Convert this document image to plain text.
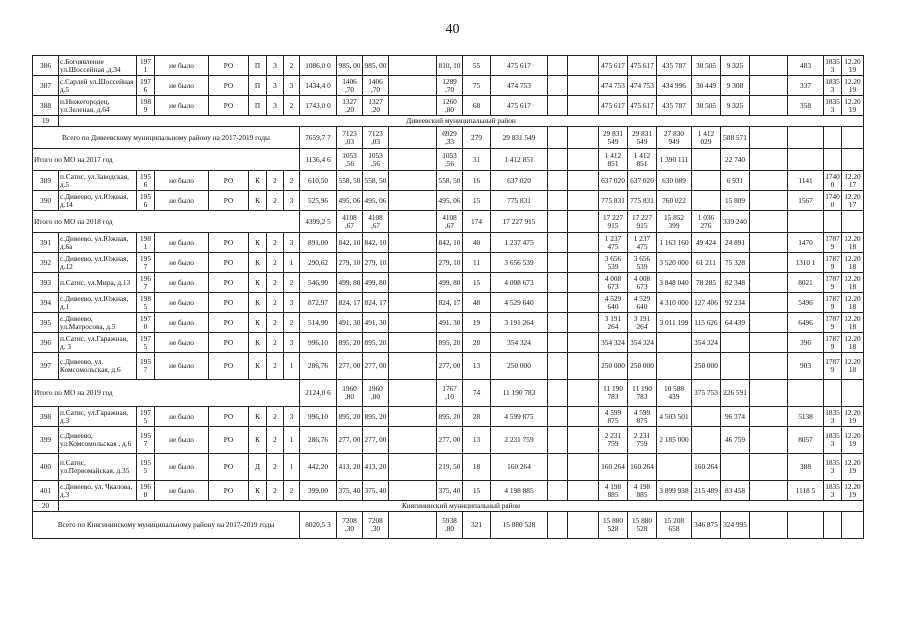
40
386	с.Богоявление ул.Шоссейная ,д.34	197 1	не было	РО	П	3	2	1086,0 0	985, 00	985, 00		810, 10	55	475 617			475 617	475 617	435 787	30 505	9 325		483	1835 3	12.20 19
387	с.Сарлей ул.Шоссейная д.5	197 6	не было	РО	П	3	3	1434,4 0	1406 ,70	1406 ,70		1289 ,70	75	474 753			474 753	474 753	434 996	30 449	9 308		337	1835 3	12.20 19
388	п.Нижегородец, ул.Зеленая, д.64	198 9	не было	РО	П	3	2	1743,0 0	1327 ,20	1327 ,20		1260 ,80	68	475 617			475 617	475 617	435 787	30 505	9 325		358	1835 3	12.20 19
19	Дивеевский муниципальный район																								
Всего по Дивеевскому муниципальному району на 2017-2019 годы								7659,7 7	7123 ,03	7123 ,03		6929 ,33	279	29 831 549			29 831 549	29 831 549	27 830 949	1 412 029	588 571				
Итого по МО на 2017 год								1136,4 6	1053 ,56	1053 ,56		1053 ,56	31	1 412 851			1 412 851	1 412 851	1 390 111		22 740				
389	п.Сатис, ул.Заводская, д.5	195 6	не было	РО	К	2	2	610,50	558, 50	558, 50		558, 50	16	637 020			637 020	637 020	630 089		6 931		1141	1740 0	12.20 17
390	с.Дивеево, ул.Южная, д.14	195 6	не было	РО	К	2	3	525,96	495, 06	495, 06		495, 06	15	775 831			775 831	775 831	760 022		15 809		1567	1740 0	12.20 17
Итого по МО на 2018 год								4399,2 5	4108 ,67	4108 ,67		4108 ,67	174	17 227 915			17 227 915	17 227 915	15 852 399	1 036 276	339 240				
391	с.Дивеево, ул.Южная, д.6а	198 1	не было	РО	К	2	3	891,00	842, 10	842, 10		842, 10	40	1 237 475			1 237 475	1 237 475	1 163 160	49 424	24 891		1470	1787 9	12.20 18
392	с.Дивеево, ул.Южная, д.12	195 7	не было	РО	К	2	1	290,62	279, 10	279, 10		279, 10	11	3 656 539			3 656 539	3 656 539	3 520 000	61 211	75 328		1310 1	1787 9	12.20 18
393	п.Сатис, ул.Мира, д.13	196 7	не было	РО	К	2	2	546,90	499, 80	499, 80		499, 80	15	4 008 673			4 008 673	4 008 673	3 848 040	78 285	82 348		8021	1787 9	12.20 18
394	с.Дивеево, ул.Южная, д.1	198 5	не было	РО	К	2	3	872,97	824, 17	824, 17		824, 17	48	4 529 640			4 529 640	4 529 640	4 310 000	127 406	92 234		5496	1787 9	12.20 18
395	с.Дивеево, ул.Матросова, д.5	197 0	не было	РО	К	2	2	514,90	491, 30	491, 30		491, 30	19	3 191 264			3 191 264	3 191 264	3 011 199	115 626	64 439		6496	1787 9	12.20 18
396	п.Сатис, ул.Гаражная, д. 3	197 5	не было	РО	К	2	3	996,10	895, 20	895, 20		895, 20	28	354 324			354 324	354 324		354 324			396	1787 9	12.20 18
397	с.Дивеево, ул. Комсомольская, д.6	195 7	не было	РО	К	2	1	286,76	277, 00	277, 00		277, 00	13	250 000			250 000	250 000		250 000			903	1787 9	12.20 18
Итого по МО на 2019 год								2124,0 6	1960 ,80	1960 ,80		1767 ,10	74	11 190 783			11 190 783	11 190 783	10 588 439	375 753	226 591				
398	п.Сатис, ул.Гаражная, д.3	197 5	не было	РО	К	2	3	996,10	895, 20	895, 20		895, 20	28	4 599 875			4 599 875	4 599 875	4 503 501		96 374		5138	1835 3	12.20 19
399	с.Дивеево, ул.Комсомольская , д.6	195 7	не было	РО	К	2	1	286,76	277, 00	277, 00		277, 00	13	2 231 759			2 231 759	2 231 759	2 185 000		46 759		8057	1835 3	12.20 19
400	п.Сатис, ул.Первомайская, д.35	195 5	не было	РО	Д	2	1	442,20	413, 20	413, 20		219, 50	18	160 264			160 264	160 264		160 264			388	1835 3	12.20 19
401	с.Дивеево, ул. Чкалова, д.3	196 8	не было	РО	К	2	2	399,00	375, 40	375, 40		375, 40	15	4 198 885			4 198 885	4 198 885	3 899 938	215 489	83 458		1118 5	1835 3	12.20 19
20	Княгининский муниципальный район																								
Всего по Княгининскому муниципальному району на 2017-2019 годы								8020,5 3	7208 ,30	7208 ,30		5938 ,80	321	15 880 528			15 880 528	15 880 528	15 208 658	346 875	324 995				
